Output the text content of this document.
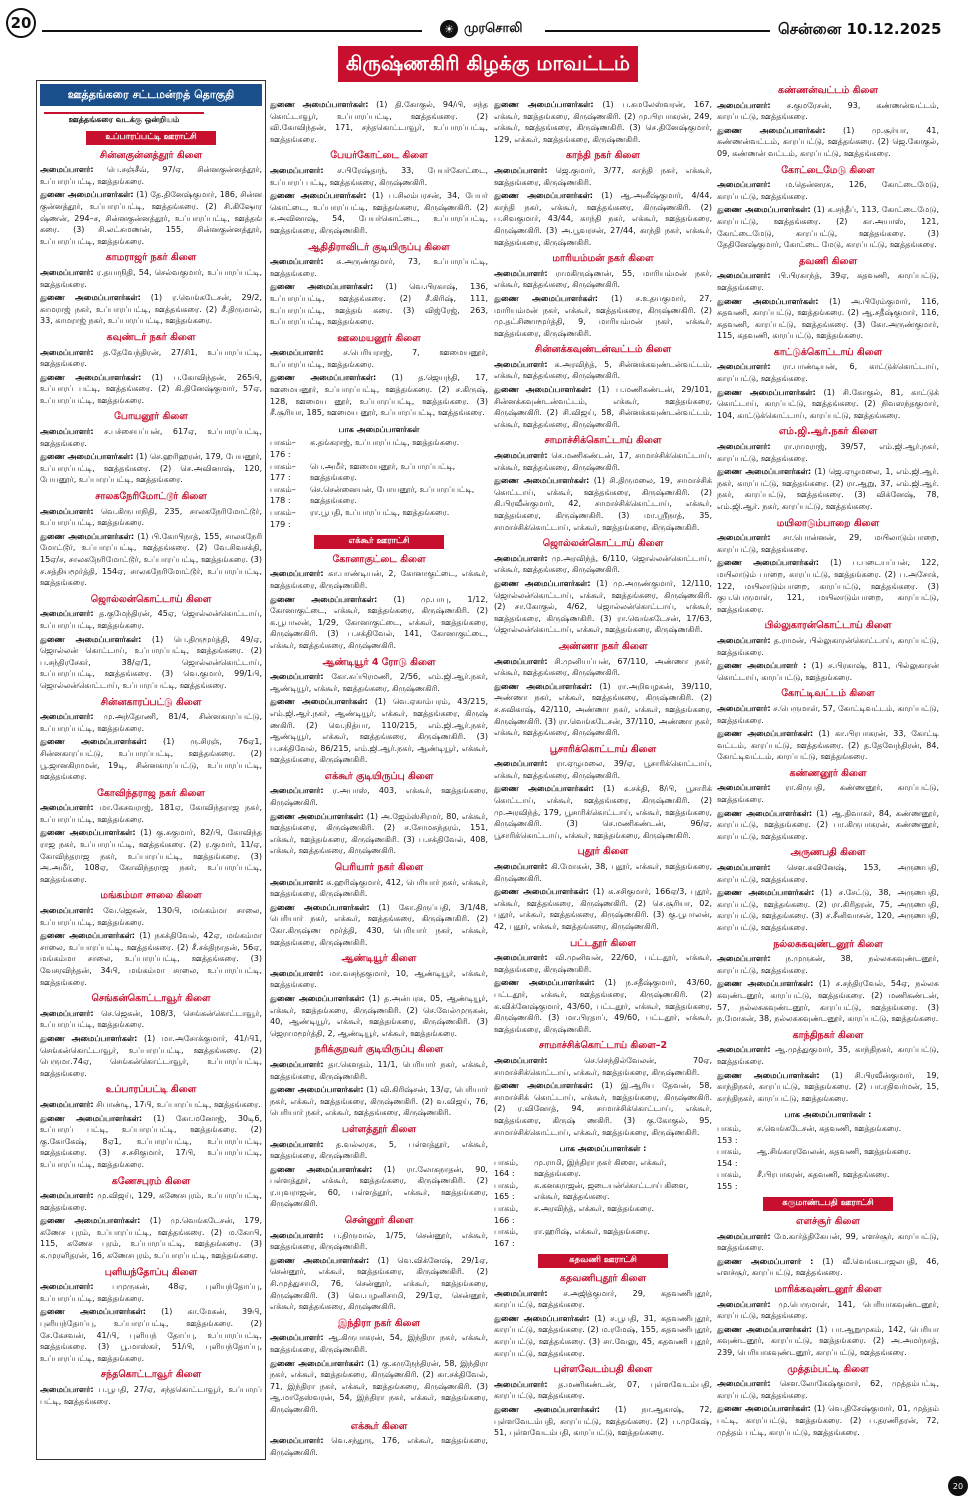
20	☀ முரசொலி	சென்னை 10.12.2025
கிருஷ்ணகிரி கிழக்கு மாவட்டம்
ஊத்தங்கரை சட்டமன்றத் தொகுதி
ஊத்தங்கரை வடக்கு ஒன்றியம்
உப்பாரப்பட்டி ஊராட்சி
சின்னகுன்னத்தூர் கிளை

அமைப்பாளர்: பெ.சஞ்சீவ், 97/ஏ, சின்னகுன்னத்தூர், உப்பாரப்பட்டி, ஊத்தங்கரை.

துணை அமைப்பாளர்கள்: (1) தே.தினேஷ்குமார், 186, சின்ன குன்னத்தூர், உப்பாரப்பட்டி, ஊத்தங்கரை. (2) சி.கிஷோர ஷ்ணன், 294–ச, சின்னகுன்னத்தூர், உப்பாரப்பட்டி, ஊத்தங் கரை. (3) சி.லட்சுமணன், 155, சின்னகுன்னத்தூர், உப்பாரப்பட்டி, ஊத்தங்கரை.

காமராஜர் நகர் கிளை

அமைப்பாளர்: ர.தயாநிதி, 54, செல்வகுமார், உப்பாரப்பட்டி, ஊத்தங்கரை.

துணை அமைப்பாளர்கள்: (1) ர.வெங்கடேசன், 29/2, காமராஜ் நகர், உப்பாரப்பட்டி, ஊத்தங்கரை. (2) சீ.திருமால், 33, காமராஜ் நகர், உப்பாரப்பட்டி, ஊத்தங்கரை.

கவுண்டர் நகர் கிளை

அமைப்பாளர்: த.தேவேந்திரன், 27/சி1, உப்பாரப்பட்டி, ஊத்தங்கரை.

துணை அமைப்பாளர்கள்: (1) ப.கோவிந்தன், 265பி, உப்பாரப் பட்டி, ஊத்தங்கரை. (2) கி.தினேஷ்குமார், 57ஏ, உப்பாரப்பட்டி, ஊத்தங்கரை.

போயனூர் கிளை

அமைப்பாளர்: ச.பச்சையப்பன், 617ஏ, உப்பாரப்பட்டி, ஊத்தங்கரை.

துணை அமைப்பாளர்கள்: (1) செ.ஹரிஹரன், 179, பேயனூர், உப்பாரப்பட்டி, ஊத்தங்கரை. (2) செ.அவினாஷ், 120, பேயனூர், உப்பாரப்பட்டி, ஊத்தங்கரை.

சாலகநேரிமோட்டூர் கிளை

அமைப்பாளர்: வெ.கிருபாநிதி, 235, சாலகநேரிமோட்டூர், உப்பாரப்பட்டி, ஊத்தங்கரை.

துணை அமைப்பாளர்கள்: (1) பி.கோபிநாத், 155, சாலகநேரி மோட்டூர், உப்பாரப்பட்டி, ஊத்தங்கரை. (2) வே.சிவசக்தி, 15ஏ/ச, சாலகநேரிமோட்டூர், உப்பாரப்பட்டி, ஊத்தங்கரை. (3) ச.சத்தியமூர்த்தி, 154ஏ, சாலகநேரிமோட்டூர், உப்பாரப்பட்டி, ஊத்தங்கரை.

ஜொல்லன்கொட்டாய் கிளை

அமைப்பாளர்: த.குமேந்திரன், 45ஏ, ஜொல்லன்கொட்டாய், உப்பாரப்பட்டி, ஊத்தங்கரை.

துணை அமைப்பாளர்கள்: (1) பெ.திருமூர்த்தி, 49/ஏ, ஜொல்லன் கொட்டாய், உப்பாரப்பட்டி, ஊத்தங்கரை. (2) ப.சந்திரசேகர், 38/ஏ/1, ஜொல்லன்கொட்டாய், உப்பாரப்பட்டி, ஊத்தங்கரை. (3) வெ.குமார், 99/1பி, ஜொல்லன்கொட்டாய், உப்பாரப்பட்டி, ஊத்தங்கரை.

சின்னகாரப்பட்டு கிளை

அமைப்பாளர்: மு.அந்தோணி, 81/4, சின்னகாரப்பட்டு, உப்பாரப்பட்டி, ஊத்தங்கரை.

துணை அமைப்பாளர்கள்: (1) ரு.சிரஞ், 76ஏ1, சின்னகாரப்பட்டு, உப்பாரப்பட்டி, ஊத்தங்கரை. (2) பூ.ஜானகிராமன், 19டி, சின்னகாரப்பட்டு, உப்பாரப்பட்டி, ஊத்தங்கரை.

கோவிந்தராஜ நகர் கிளை

அமைப்பாளர்: மா.கேசவராஜ், 181ஏ, கோவிந்தராஜ நகர், உப்பாரப்பட்டி, ஊத்தங்கரை.

துணை அமைப்பாளர்கள்: (1) கு.சுகுமார், 82/பி, கோவிந்த ராஜ நகர், உப்பாரப்பட்டி, ஊத்தங்கரை. (2) ர.குமார், 11/ஏ, கோவிந்தராஜ நகர், உப்பாரப்பட்டி, ஊத்தங்கரை. (3) அ.அமீர், 108ஏ, கோவிந்தராஜ நகர், உப்பாரப்பட்டி, ஊத்தங்கரை.

மங்கம்மா சாலை கிளை

அமைப்பாளர்: வே.ஜெகன், 130பி, மங்கம்மா சாலை, உப்பாரப்பட்டி, ஊத்தங்கரை.

துணை அமைப்பாளர்கள்: (1) நகக்திவேல், 42ஏ, மங்கம்மா சாலை, உப்பாரப்பட்டி, ஊத்தங்கரை. (2) சீ.சக்திநாதன், 56ஏ, மங்கம்மா சாலை, உப்பாரப்பட்டி, ஊத்தங்கரை. (3) வேசரவிந்தன், 34பி, மங்கம்மா சாலை, உப்பாரப்பட்டி, ஊத்தங்கரை.

செங்கன்கொட்டாவூர் கிளை

அமைப்பாளர்: செ.ஜெகன், 108/3, செங்கன்கொட்டாவூர், உப்பாரப்பட்டி, ஊத்தங்கரை.

துணை அமைப்பாளர்கள்: (1) மா.அசோக்குமார், 41/பி1, செங்கன்கொட்டாவூர், உப்பாரப்பட்டி, ஊத்தங்கரை. (2) பெருமா.74ஏ, செங்கன்கொட்டாவூர், உப்பாரப்பட்டி, ஊத்தங்கரை.

உப்பாரப்பட்டி கிளை

அமைப்பாளர்: சிபாண்டி, 17பி, உப்பாரப்பட்டி, ஊத்தங்கரை.

துணை அமைப்பாளர்கள்: (1) கோ.மனோஜ், 30டி6, உப்பாரப் பட்டி, உப்பாரப்பட்டி, ஊத்தங்கரை. (2) கு.கோகேஷ், 8ஏ1, உப்பாரப்பட்டி, உப்பாரப்பட்டி, ஊத்தங்கரை. (3) ச.சசிகுமார், 17பி, உப்பாரப்பட்டி, உப்பாரப்பட்டி, ஊத்தங்கரை.

கணேசபுரம் கிளை

அமைப்பாளர்: மு.விஜய், 129, கணேசபுரம், உப்பாரப்பட்டி, ஊத்தங்கரை.

துணை அமைப்பாளர்கள்: (1) மு.வெங்கடேசன், 179, கணேச புரம், உப்பாரப்பட்டி, ஊத்தங்கரை. (2) ம.கோபி, 115, கணேச புரம், உப்பாரப்பட்டி, ஊத்தங்கரை. (3) க.முரளிதரன், 16, கணேசபுரம், உப்பாரப்பட்டி, ஊத்தங்கரை.

புளியந்தோப்பு கிளை

அமைப்பாளர்: பமுருகன், 48ஏ, புளியந்தோப்பு, உப்பாரப்பட்டி, ஊத்தங்கரை.

துணை அமைப்பாளர்கள்: (1) கா.மேகன், 39பி, புளியந்தோப்பு, உப்பாரப்பட்டி, ஊத்தங்கரை. (2) சே.கேசவன், 41/பி, புளியந் தோப்பு, உப்பாரப்பட்டி, ஊத்தங்கரை. (3) பூ.மாஸ்கர், 51/பி, புளியந்தோப்பு, உப்பாரப்பட்டி, ஊத்தங்கரை.

சந்தகொட்டாவூர் கிளை

அமைப்பாளர்: ப.பூபதி, 27/ஏ, சந்தகொட்டாவூர், உப்பாரப் பட்டி, ஊத்தங்கரை.

துணை அமைப்பாளர்கள்: (1) தி.கோகுல், 94/பி, சந்த கொட்டாவூர், உப்பாரப்பட்டி, ஊத்தங்கரை. (2) வி.கோவிந்தன், 171, சந்தகொட்டாவூர், உப்பாரப்பட்டி, ஊத்தங்கரை.

பேயர்கோட்டை கிளை

அமைப்பாளர்: ச.பிரேஷ்தாந், 33, பேயர்கோட்டை, உப்பாரப் பட்டி, ஊத்தங்கரை, கிருஷ்ணகிரி.

துணை அமைப்பாளர்கள்: (1) ப.சிலம்பரசன், 34, பேயர் கொட்டை, உப்பாரப்பட்டி, ஊத்தங்கரை, கிருஷ்ணகிரி. (2) ச.அவினாஷ், 54, பேயர்கொட்டை, உப்பாரப்பட்டி, ஊத்தங்கரை, கிருஷ்ணகிரி.

ஆதிதிராவிடர் குடியிருப்பு கிளை

அமைப்பாளர்: சு.அருண்குமார், 73, உப்பாரப்பட்டி, ஊத்தங்கரை.

துணை அமைப்பாளர்கள்: (1) வெ.பிரகாஷ், 136, உப்பாரப்பட்டி, ஊத்தங்கரை. (2) சீ.கிரிஷ், 111, உப்பாரப்பட்டி, ஊத்தங் கரை. (3) விஜ்ரேஜ், 263, உப்பாரப்பட்டி, ஊத்தங்கரை.

ஊமையனூர் கிளை

அமைப்பாளர்: ச.பெரியராஜ், 7, ஊமையனூர், உப்பாரப்பட்டி, ஊத்தங்கரை.

துணை அமைப்பாளர்கள்: (1) த.ஜெயந்தி, 17, ஊமையனூர், உப்பாரப்பட்டி, ஊத்தங்கரை. (2) ச.கிருஷ், 128, ஊமைய னூர், உப்பாரப்பட்டி, ஊத்தங்கரை. (3) சீ.சூரியா, 185, ஊமைய னூர், உப்பாரப்பட்டி, ஊத்தங்கரை.

பாக அமைப்பாளர்கள்
பாகம்– 176 :
க.தங்கராஜ், உப்பாரப்பட்டி, ஊத்தங்கரை.
பாகம்– 177 :
பெ.அமீர், ஊமையனூர், உப்பாரப்பட்டி, ஊத்தங்கரை.
பாகம்– 178 :
செ.சென்னையன், போயனூர், உப்பாரப்பட்டி, ஊத்தங்கரை.
பாகம்– 179 :
ரா.பூபதி, உப்பாரப்பட்டி, ஊத்தங்கரை.
எக்கூர் ஊராட்சி
கோனாகுட்டை கிளை

அமைப்பாளர்: கா.பாண்டியன், 2, கோனாகுட்டை, எக்கூர், ஊத்தங்கரை, கிருஷ்ணகிரி.

துணை அமைப்பாளர்கள்: (1) மு.பாபு, 1/12, கோனாகுட்டை, எக்கூர், ஊத்தங்கரை, கிருஷ்ணகிரி. (2) க.பூபாலன், 1/29, கோனாகுட்டை, எக்கூர், ஊத்தங்கரை, கிருஷ்ணகிரி. (3) ப.சக்திவேல், 141, கோனாகுட்டை, எக்கூர், ஊத்தங்கரை, கிருஷ்ணகிரி.

ஆண்டியூர் 4 ரோடு கிளை

அமைப்பாளர்: கோ.சுப்பிரமணி, 2/56, எம்.ஜி.ஆர்.நகர், ஆண்டியூர், எக்கூர், ஊத்தங்கரை, கிருஷ்ணகிரி.

துணை அமைப்பாளர்கள்: (1) வெ.ஏகாம்பரம், 43/215, எம்.ஜி.ஆர்.நகர், ஆண்டியூர், எக்கூர், ஊத்தங்கரை, கிருஷ் ணகிரி. (2) வெ.நித்யா, 110/215, எம்.ஜி.ஆர்.நகர், ஆண்டியூர், எக்கூர், ஊத்தங்கரை, கிருஷ்ணகிரி. (3) ப.சக்திவேல், 86/215, எம்.ஜி.ஆர்.நகர், ஆண்டியூர், எக்கூர், ஊத்தங்கரை, கிருஷ்ணகிரி.

எக்கூர் குடியிருப்பு கிளை

அமைப்பாளர்: ர.அபாஸ், 403, எக்கூர், ஊத்தங்கரை, கிருஷ்ணகிரி.

துணை அமைப்பாளர்கள்: (1) அ.ஜேம்ஸ்சிரமர், 80, எக்கூர், ஊத்தங்கரை, கிருஷ்ணகிரி. (2) ச.சோமசுந்தரம், 151, எக்கூர், ஊத்தங்கரை, கிருஷ்ணகிரி. (3) ப.சக்திவேல், 408, எக்கூர், ஊத்தங்கரை, கிருஷ்ணகிரி.

பெரியார் நகர் கிளை

அமைப்பாளர்: சு.ஹரிஷ்குமார், 412, பெரியார் நகர், எக்கூர், ஊத்தங்கரை, கிருஷ்ணகிரி.

துணை அமைப்பாளர்கள்: (1) கோ.திருப்பதி, 3/1/48, பெரியார் நகர், எக்கூர், ஊத்தங்கரை, கிருஷ்ணகிரி. (2) கோ.கிருஷ்ண மூர்த்தி, 430, பெரியார் நகர், எக்கூர், ஊத்தங்கரை, கிருஷ்ணகிரி.

ஆண்டியூர் கிளை

அமைப்பாளர்: மா.வசந்தகுமார், 10, ஆண்டியூர், எக்கூர், ஊத்தங்கரை.

துணை அமைப்பாளர்கள்: (1) த.அன்பரசு, 05, ஆண்டியூர், எக்கூர், ஊத்தங்கரை, கிருஷ்ணகிரி. (2) செ.வேல்முருகன், 40, ஆண்டியூர், எக்கூர், ஊத்தங்கரை, கிருஷ்ணகிரி. (3) ஜெராமமூர்த்தி, 2, ஆண்டியூர், எக்கூர், ஊத்தங்கரை.

நரிக்குறவர் குடியிருப்பு கிளை

அமைப்பாளர்: தா.கௌதம், 11/1, பெரியார் நகர், எக்கூர், ஊத்தங்கரை, கிருஷ்ணகிரி.

துணை அமைப்பாளர்கள்: (1) வி.கிரிஷ்சன், 13/ஏ, பெரியார் நகர், எக்கூர், ஊத்தங்கரை, கிருஷ்ணகிரி. (2) வ.விஜய், 76, பெரியார் நகர், எக்கூர், ஊத்தங்கரை, கிருஷ்ணகிரி.

பள்ளத்தூர் கிளை

அமைப்பாளர்: த.வல்லரசு, 5, பள்ளத்தூர், எக்கூர், ஊத்தங்கரை, கிருஷ்ணகிரி.

துணை அமைப்பாளர்கள்: (1) ரா.லோகநாதன், 90, பள்ளத்தூர், எக்கூர், ஊத்தங்கரை, கிருஷ்ணகிரி. (2) ர.யுவராஜன், 60, பள்ளத்தூர், எக்கூர், ஊத்தங்கரை, கிருஷ்ணகிரி.

சென்னூர் கிளை

அமைப்பாளர்: ப.திருமால், 1/75, சென்னூர், எக்கூர், ஊத்தங்கரை, கிருஷ்ணகிரி.

துணை அமைப்பாளர்கள்: (1) வெ.விக்னேஷ், 29/1ஏ, சென்னூர், எக்கூர், ஊத்தங்கரை, கிருஷ்ணகிரி. (2) சி.முத்துசாமி, 76, சென்னூர், எக்கூர், ஊத்தங்கரை, கிருஷ்ணகிரி. (3) வெ.பழனிசாமி, 29/1ஏ, சென்னூர், எக்கூர், ஊத்தங்கரை, கிருஷ்ணகிரி.

இந்திரா நகர் கிளை

அமைப்பாளர்: ஆ.கிருபாகரன், 54, இந்திரா நகர், எக்கூர், ஊத்தங்கரை, கிருஷ்ணகிரி.

துணை அமைப்பாளர்கள்: (1) கு.கருநேந்திரன், 58, இந்திரா நகர், எக்கூர், ஊத்தங்கரை, கிருஷ்ணகிரி. (2) கா.சக்திவேல், 71, இந்திரா நகர், எக்கூர், ஊத்தங்கரை, கிருஷ்ணகிரி. (3) ஆ.மாதேஸ்வரன், 54, இந்திரா நகர், எக்கூர், ஊத்தங்கரை, கிருஷ்ணகிரி.

எக்கூர் கிளை

அமைப்பாளர்: வெ.சந்துரு, 176, எக்கூர், ஊத்தங்கரை, கிருஷ்ணகிரி.

துணை அமைப்பாளர்கள்: (1) ப.கமலேஸ்வரன், 167, எக்கூர், ஊத்தங்கரை, கிருஷ்ணகிரி. (2) மு.பிரபாகரன், 249, எக்கூர், ஊத்தங்கரை, கிருஷ்ணகிரி. (3) செ.தினேஷ்குமார், 129, எக்கூர், ஊத்தங்கரை, கிருஷ்ணகிரி.

காந்தி நகர் கிளை

அமைப்பாளர்: ஜெ.குமார், 3/77, காந்தி நகர், எக்கூர், ஊத்தங்கரை, கிருஷ்ணகிரி.

துணை அமைப்பாளர்கள்: (1) ஆ.அனீஷ்குமார், 4/44, காந்தி நகர், எக்கூர், ஊத்தங்கரை, கிருஷ்ணகிரி. (2) ப.சிவகுமார், 43/44, காந்தி நகர், எக்கூர், ஊத்தங்கரை, கிருஷ்ணகிரி. (3) அ.பூவரசன், 27/44, காந்தி நகர், எக்கூர், ஊத்தங்கரை, கிருஷ்ணகிரி.

மாரியம்மன் நகர் கிளை

அமைப்பாளர்: ராமகிருஷ்ணன், 55, மாரியம்மன் நகர், எக்கூர், ஊத்தங்கரை, கிருஷ்ணகிரி.

துணை அமைப்பாளர்கள்: (1) ச.உதயகுமார், 27, மாரியம்மன் நகர், எக்கூர், ஊத்தங்கரை, கிருஷ்ணகிரி. (2) மு.தட்சிணாமூர்த்தி, 9, மாரியம்மன் நகர், எக்கூர், ஊத்தங்கரை, கிருஷ்ணகிரி.

சின்னக்கவுண்டன்வட்டம் கிளை

அமைப்பாளர்: க.அரவிந்த், 5, சின்னக்கவுண்டன்வட்டம், எக்கூர், ஊத்தங்கரை, கிருஷ்ணகிரி.

துணை அமைப்பாளர்கள்: (1) ப.மணிகண்டன், 29/101, சின்னக்கவுண்டன்வட்டம், எக்கூர், ஊத்தங்கரை, கிருஷ்ணகிரி. (2) சி.விஜய், 58, சின்னக்கவுண்டன்வட்டம், எக்கூர், ஊத்தங்கரை, கிருஷ்ணகிரி.

சாமாச்சிக்கொட்டாய் கிளை

அமைப்பாளர்: செ.மணிகண்டன், 17, சாமாச்சிக்கொட்டாய், எக்கூர், ஊத்தங்கரை, கிருஷ்ணகிரி.

துணை அமைப்பாளர்கள்: (1) சி.திருமலை, 19, சாமாச்சிக் கொட்டாய், எக்கூர், ஊத்தங்கரை, கிருஷ்ணகிரி. (2) கி.பிரவீன்குமார், 42, சாமாச்சிக்கொட்டாய், எக்கூர், ஊத்தங்கரை, கிருஷ்ணகிரி. (3) மா.ஸ்ரீநாத், 35, சாமாச்சிக்கொட்டாய், எக்கூர், ஊத்தங்கரை, கிருஷ்ணகிரி.

ஜொல்லன்கொட்டாய் கிளை

அமைப்பாளர்: மு.அரவிந்த், 6/110, ஜொல்லன்கொட்டாய், எக்கூர், ஊத்தங்கரை, கிருஷ்ணகிரி.

துணை அமைப்பாளர்கள்: (1) மு.அருண்குமார், 12/110, ஜொல்லன்கொட்டாய், எக்கூர், ஊத்தங்கரை, கிருஷ்ணகிரி. (2) சா.கோகுல், 4/62, ஜொல்லன்கொட்டாய், எக்கூர், ஊத்தங்கரை, கிருஷ்ணகிரி. (3) ரா.வெங்கடேசன், 17/63, ஜொல்லன்கொட்டாய், எக்கூர், ஊத்தங்கரை, கிருஷ்ணகிரி.

அண்ணா நகர் கிளை

அமைப்பாளர்: சி.முனியப்பன், 67/110, அண்ணா நகர், எக்கூர், ஊத்தங்கரை, கிருஷ்ணகிரி.

துணை அமைப்பாளர்கள்: (1) ரா.அறிவழகன், 39/110, அண்ணா நகர், எக்கூர், ஊத்தங்கரை, கிருஷ்ணகிரி. (2) ச.சுவிகாஷ், 42/110, அண்ணா நகர், எக்கூர், ஊத்தங்கரை, கிருஷ்ணகிரி. (3) ரா.வெங்கடேசன், 37/110, அண்ணா நகர், எக்கூர், ஊத்தங்கரை, கிருஷ்ணகிரி.

பூசாரிக்கொட்டாய் கிளை

அமைப்பாளர்: ரா.ஏழுமலை, 39/ஏ, பூசாரிக்கொட்டாய், எக்கூர், ஊத்தங்கரை, கிருஷ்ணகிரி.

துணை அமைப்பாளர்கள்: (1) க.சக்தி, 8/பி, பூசாரிக் கொட்டாய், எக்கூர், ஊத்தங்கரை, கிருஷ்ணகிரி. (2) மு.அரவிந்த், 179, பூசாரிக்கொட்டாய், எக்கூர், ஊத்தங்கரை, கிருஷ்ணகிரி. (3) செ.மணிகண்டன், 96/ஏ, பூசாரிக்கொட்டாய், எக்கூர், ஊத்தங்கரை, கிருஷ்ணகிரி.

புதூர் கிளை

அமைப்பாளர்: கி.மோகன், 38, புதூர், எக்கூர், ஊத்தங்கரை, கிருஷ்ணகிரி.

துணை அமைப்பாளர்கள்: (1) க.சசிகுமார், 166ஏ/3, புதூர், எக்கூர், ஊத்தங்கரை, கிருஷ்ணகிரி. (2) செ.சூரியா, 02, புதூர், எக்கூர், ஊத்தங்கரை, கிருஷ்ணகிரி. (3) கு.பூபாலன், 42, புதூர், எக்கூர், ஊத்தங்கரை, கிருஷ்ணகிரி.

பட்டதூர் கிளை

அமைப்பாளர்: வி.முனிவன், 22/60, பட்டதூர், எக்கூர், ஊத்தங்கரை, கிருஷ்ணகிரி.

துணை அமைப்பாளர்கள்: (1) ந.சதீஷ்குமார், 43/60, பட்டதூர், எக்கூர், ஊத்தங்கரை, கிருஷ்ணகிரி. (2) க.விக்னேஷ்குமார், 43/60, பட்டதூர், எக்கூர், ஊத்தங்கரை, கிருஷ்ணகிரி. (3) மா.பிரதாப், 49/60, பட்டதூர், எக்கூர், ஊத்தங்கரை, கிருஷ்ணகிரி.

சாமாச்சிக்கொட்டாய் கிளை–2

அமைப்பாளர்:	செ.செந்தில்வேலன், 70ஏ, சாமாச்சிக்கொட்டாய், எக்கூர், ஊத்தங்கரை, கிருஷ்ணகிரி.

துணை அமைப்பாளர்கள்: (1) இ.ஆரிய தேவன், 58, சாமாச்சிக் கொட்டாய், எக்கூர், ஊத்தங்கரை, கிருஷ்ணகிரி. (2) ர.வினோத், 94, சாமாச்சிக்கொட்டாய், எக்கூர், ஊத்தங்கரை, கிருஷ் ணகிரி. (3) கு.கோகுல், 95, சாமாச்சிக்கொட்டாய், எக்கூர், ஊத்தங்கரை, கிருஷ்ணகிரி.

பாக அமைப்பாளர்கள் :
பாகம், 164 :
மு.ராமி, இந்திரா நகர் கிளை, எக்கூர், ஊத்தங்கரை.
பாகம், 165 :
க.கனகராஜன், ஜடையன்கொட்டாய் கிளை, எக்கூர், ஊத்தங்கரை.
பாகம், 166 :
ச.அரவிந்த், எக்கூர், ஊத்தங்கரை.
பாகம், 167 :
ரா.ஹரிஷ், எக்கூர், ஊத்தங்கரை.
கதவணி ஊராட்சி
கதவணிபுதூர் கிளை

அமைப்பாளர்: ச.அஜித்குமார், 29, கதவணிபுதூர், காரப்பட்டு, ஊத்தங்கரை.

துணை அமைப்பாளர்கள்: (1) ச.பூபதி, 31, கதவணிபுதூர், காரப்பட்டு, ஊத்தங்கரை. (2) ம.ரமேஷ், 155, கதவணிபுதூர், காரப்பட்டு, ஊத்தங்கரை. (3) சா.வேலு, 45, கதவணி புதூர், காரப்பட்டு, ஊத்தங்கரை.

புள்ளவேடம்பதி கிளை

அமைப்பாளர்: த.மணிகண்டன், 07, புள்ளவேடம்பதி, காரப்பட்டு, ஊத்தங்கரை.

துணை அமைப்பாளர்கள்: (1) நா.ஆகாஷ், 72, புள்ளவேடம்பதி, காரப்பட்டு, ஊத்தங்கரை. (2) ப.முகேஷ், 51, புள்ளவேடம்பதி, காரப்பட்டு, ஊத்தங்கரை.

கண்ணன்வட்டம் கிளை

அமைப்பாளர்: ச.குமரேசன், 93, கண்ணன்வட்டம், காரப்பட்டு, ஊத்தங்கரை.

துணை அமைப்பாளர்கள்: (1) மு.சூர்யா, 41, கண்ணன்வட்டம், காரப்பட்டு, ஊத்தங்கரை. (2) ஜெ.கோகுல், 09, கண்ணன் வட்டம், காரப்பட்டு, ஊத்தங்கரை.

கோட்டைமேடு கிளை

அமைப்பாளர்: ம.தென்னரசு, 126, கோட்டைமேடு, காரப்பட்டு, ஊத்தங்கரை.

துணை அமைப்பாளர்கள்: (1) க.சந்தீப், 113, கோட்டைமேடு, காரப்பட்டு, ஊத்தங்கரை. (2) கா.அயாஸ், 121, கோட்டைமேடு, காரப்பட்டு, ஊத்தங்கரை. (3) தேதினேஷ்குமார், கோட்டை மேடு, காரப்பட்டு, ஊத்தங்கரை.

தவணி கிளை

அமைப்பாளர்: பி.பிரகாந்த், 39ஏ, கதவணி, காரப்பட்டு, ஊத்தங்கரை.

துணை அமைப்பாளர்கள்: (1) அ.பிரேம்குமார், 116, கதவணி, காரப்பட்டு, ஊத்தங்கரை. (2) ஆ.சதீஷ்குமார், 116, கதவணி, காரப்பட்டு, ஊத்தங்கரை. (3) கோ.அருண்குமார், 115, கதவணி, காரப்பட்டு, ஊத்தங்கரை.

காட்டுக்கொட்டாய் கிளை

அமைப்பாளர்: ரா.பாண்டியன், 6, காட்டுக்கொட்டாய், காரப்பட்டு, ஊத்தங்கரை.

துணை அமைப்பாளர்கள்: (1) சி.கோகுல், 81, காட்டுக் கொட்டாய், காரப்பட்டு, ஊத்தங்கரை. (2) நிவஸந்தகுமார், 104, காட்டுக்கொட்டாய், காரப்பட்டு, ஊத்தங்கரை.

எம்.ஜி.ஆர்.நகர் கிளை

அமைப்பாளர்: ரா.ராமராஜ், 39/57, எம்.ஜி.ஆர்.நகர், காரப்பட்டு, ஊத்தங்கரை.

துணை அமைப்பாளர்கள்: (1) ஜெ.ஏழுமலை, 1, எம்.ஜி.ஆர். நகர், காரப்பட்டு, ஊத்தங்கரை. (2) ரா.ஆறு, 37, எம்.ஜி.ஆர். நகர், காரப்பட்டு, ஊத்தங்கரை. (3) விக்னேஷ், 78, எம்.ஜி.ஆர். நகர், காரப்பட்டு, ஊத்தங்கரை.

மயிலாடும்பாறை கிளை

அமைப்பாளர்: சா.பொன்னன், 29, மயிலாடும்பாறை, காரப்பட்டு, ஊத்தங்கரை.

துணை அமைப்பாளர்கள்: (1) ப.படையப்பன், 122, மயிலாடும் பாறை, காரப்பட்டு, ஊத்தங்கரை. (2) ப.அசோக், 122, மயிலாடும்பாறை, காரப்பட்டு, ஊத்தங்கரை. (3) குப.பெருமாள், 121, மயிலாடும்பாறை, காரப்பட்டு, ஊத்தங்கரை.

பில்லுகாரன்கொட்டாய் கிளை

அமைப்பாளர்: த.ராமன், பில்லுகாரன்கொட்டாய், காரப்பட்டு, ஊத்தங்கரை.

துணை அமைப்பாளர் : (1) ச.பிரகாஷ், 811, பில்லுகாரன் கொட்டாய், காரப்பட்டு, ஊத்தங்கரை.

கோட்டிவட்டம் கிளை

அமைப்பாளர்: ச.பெருமாள், 57, கோட்டிவட்டம், காரப்பட்டு, ஊத்தங்கரை.

துணை அமைப்பாளர்கள்: (1) கா.பிரபாகரன், 33, கோட்டி வட்டம், காரப்பட்டு, ஊத்தங்கரை. (2) த.தேவேந்திரன், 84, கோட்டிவட்டம், காரப்பட்டு, ஊத்தங்கரை.

கண்ணனூர் கிளை

அமைப்பாளர்: ரா.கிருபதி, கண்ணனூர், காரப்பட்டு, ஊத்தங்கரை.

துணை அமைப்பாளர்கள்: (1) ஆ.திவாகர், 84, கண்ணனூர், காரப்பட்டு, ஊத்தங்கரை. (2) பா.கிருபாகரன், கண்ணனூர், காரப்பட்டு, ஊத்தங்கரை.

அருணபதி கிளை

அமைப்பாளர்: செள.சுவினேஷ், 153, அருணபதி, காரப்பட்டு, ஊத்தங்கரை.

துணை அமைப்பாளர்கள்: (1) ச.சேட்டு, 38, அருணபதி, காரப்பட்டு, ஊத்தங்கரை. (2) ரா.கிரிதரன், 75, அருணபதி, காரப்பட்டு, ஊத்தங்கரை. (3) ச.சீனிவாசன், 120, அருணபதி, காரப்பட்டு, ஊத்தங்கரை.

நல்லசுகவுண்டனூர் கிளை

அமைப்பாளர்: ந.முருகன், 38, நல்லசுகவுண்டனூர், காரப்பட்டு, ஊத்தங்கரை.

துணை அமைப்பாளர்கள்: (1) ச.சந்திரவேல், 54ஏ, நல்லசு கவுண்டனூர், காரப்பட்டு, ஊத்தங்கரை. (2) மணிகண்டன், 57, நல்லசுகவுண்டனூர், காரப்பட்டு, ஊத்தங்கரை. (3) ந.மோகன், 38, நல்லசுகவுண்டனூர், காரப்பட்டு, ஊத்தங்கரை.

காந்திநகர் கிளை

அமைப்பாளர்: ஆ.முத்துகுமார், 35, காந்திநகர், காரப்பட்டு, ஊத்தங்கரை.

துணை அமைப்பாளர்கள்: (1) சி.பிரவீன்குமார், 19, காந்திநகர், காரப்பட்டு, ஊத்தங்கரை. (2) பா.ரதிவர்மன், 15, காந்திநகர், காரப்பட்டு, ஊத்தங்கரை.

பாக அமைப்பாளர்கள் :
பாகம், 153 :
ச.வெங்கடேசன், கதவணி, ஊத்தங்கரை.
பாகம், 154 :
ஆ.சிங்காரவேலன், கதவணி, ஊத்தங்கரை.
பாகம், 155 :
சீ.பிரபாகரன், கதவணி, ஊத்தங்கரை.
கருமாண்டபதி ஊராட்சி
எளச்சூர் கிளை

அமைப்பாளர்: மே.கார்த்திகேயன், 99, எளச்சூர், காரப்பட்டு, ஊத்தங்கரை.

துணை அமைப்பாளர் : (1) வீ.வெங்கடாஜலபதி, 46, எளச்சூர், காரப்பட்டு, ஊத்தங்கரை.

மாரிக்கவுண்டனூர் கிளை

அமைப்பாளர்: மு.பெருமாள், 141, பெரியாகவுண்டனூர், காரப்பட்டு, ஊத்தங்கரை.

துணை அமைப்பாளர்கள்: (1) பா.ஆறுமுகம், 142, பெரியா கவுண்டனூர், காரப்பட்டு, ஊத்தங்கரை. (2) அ.அமர்நாத், 239, பெரியாகவுண்டனூர், காரப்பட்டு, ஊத்தங்கரை.

முத்தம்பட்டி கிளை

அமைப்பாளர்: செள.லோகேஷ்குமார், 62, முத்தம்பட்டி, காரப்பட்டு, ஊத்தங்கரை.

துணை அமைப்பாளர்கள்: (1) வெ.திசேஷ்குமார், 01, முத்தம் பட்டி, காரப்பட்டு, ஊத்தங்கரை. (2) ப.தரணிதரன், 72, முத்தம் பட்டி, காரப்பட்டு, ஊத்தங்கரை.

20
